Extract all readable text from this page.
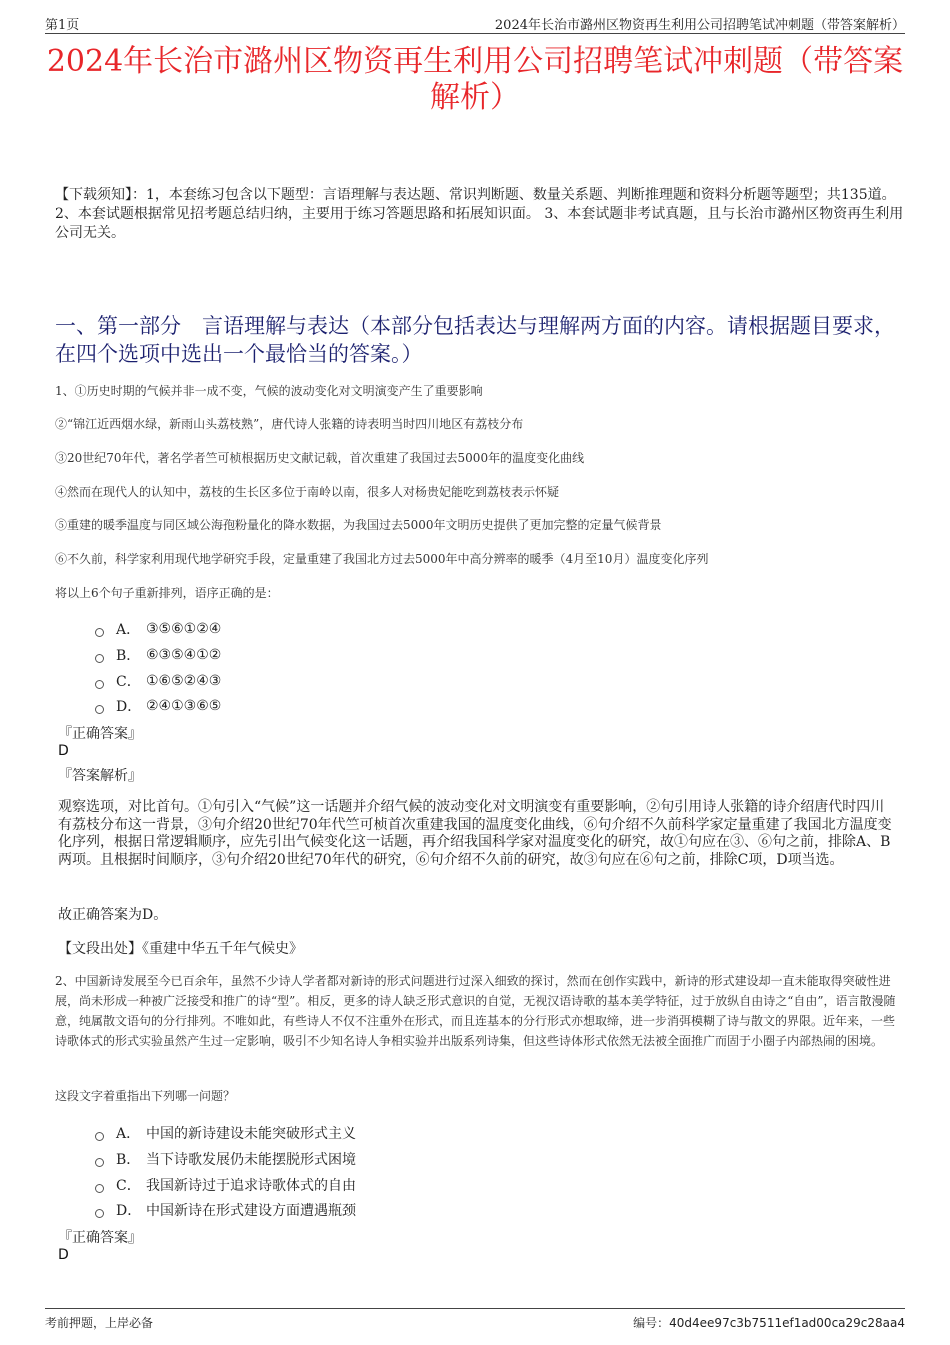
第1页	2024年长治市潞州区物资再生利用公司招聘笔试冲刺题（带答案解析）
2024年长治市潞州区物资再生利用公司招聘笔试冲刺题（带答案解析）
【下载须知】：1，本套练习包含以下题型：言语理解与表达题、常识判断题、数量关系题、判断推理题和资料分析题等题型；共135道。 2、本套试题根据常见招考题总结归纳，主要用于练习答题思路和拓展知识面。 3、本套试题非考试真题，且与长治市潞州区物资再生利用公司无关。
一、第一部分　言语理解与表达（本部分包括表达与理解两方面的内容。请根据题目要求，在四个选项中选出一个最恰当的答案。）
1、①历史时期的气候并非一成不变，气候的波动变化对文明演变产生了重要影响
②“锦江近西烟水绿，新雨山头荔枝熟”，唐代诗人张籍的诗表明当时四川地区有荔枝分布
③20世纪70年代，著名学者竺可桢根据历史文献记载，首次重建了我国过去5000年的温度变化曲线
④然而在现代人的认知中，荔枝的生长区多位于南岭以南，很多人对杨贵妃能吃到荔枝表示怀疑
⑤重建的暖季温度与同区域公海孢粉量化的降水数据，为我国过去5000年文明历史提供了更加完整的定量气候背景
⑥不久前，科学家利用现代地学研究手段，定量重建了我国北方过去5000年中高分辨率的暖季（4月至10月）温度变化序列
将以上6个句子重新排列，语序正确的是：
A． ③⑤⑥①②④
B． ⑥③⑤④①②
C． ①⑥⑤②④③
D． ②④①③⑥⑤
『正确答案』
D
『答案解析』
观察选项，对比首句。①句引入“气候”这一话题并介绍气候的波动变化对文明演变有重要影响，②句引用诗人张籍的诗介绍唐代时四川有荔枝分布这一背景，③句介绍20世纪70年代竺可桢首次重建我国的温度变化曲线，⑥句介绍不久前科学家定量重建了我国北方温度变化序列，根据日常逻辑顺序，应先引出气候变化这一话题，再介绍我国科学家对温度变化的研究，故①句应在③、⑥句之前，排除A、B两项。且根据时间顺序，③句介绍20世纪70年代的研究，⑥句介绍不久前的研究，故③句应在⑥句之前，排除C项，D项当选。
故正确答案为D。
【文段出处】《重建中华五千年气候史》
2、中国新诗发展至今已百余年，虽然不少诗人学者都对新诗的形式问题进行过深入细致的探讨，然而在创作实践中，新诗的形式建设却一直未能取得突破性进展，尚未形成一种被广泛接受和推广的诗“型”。相反，更多的诗人缺乏形式意识的自觉，无视汉语诗歌的基本美学特征，过于放纵自由诗之“自由”，语言散漫随意，纯属散文语句的分行排列。不唯如此，有些诗人不仅不注重外在形式，而且连基本的分行形式亦想取缔，进一步消弭模糊了诗与散文的界限。近年来，一些诗歌体式的形式实验虽然产生过一定影响，吸引不少知名诗人争相实验并出版系列诗集，但这些诗体形式依然无法被全面推广而固于小圈子内部热闹的困境。
这段文字着重指出下列哪一问题？
A． 中国的新诗建设未能突破形式主义
B． 当下诗歌发展仍未能摆脱形式困境
C． 我国新诗过于追求诗歌体式的自由
D． 中国新诗在形式建设方面遭遇瓶颈
『正确答案』
D
考前押题，上岸必备	编号：40d4ee97c3b7511ef1ad00ca29c28aa4
